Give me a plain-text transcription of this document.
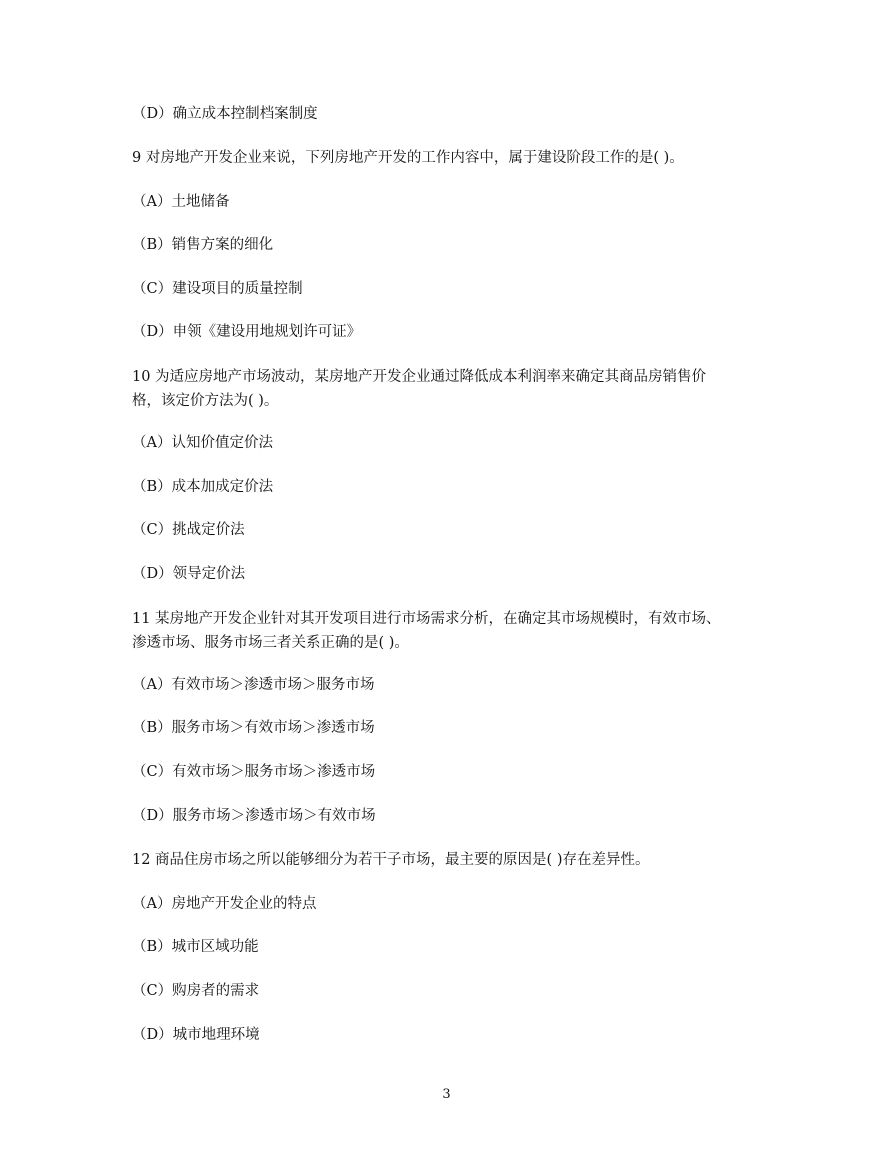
（D）确立成本控制档案制度
9 对房地产开发企业来说，下列房地产开发的工作内容中，属于建设阶段工作的是( )。
（A）土地储备
（B）销售方案的细化
（C）建设项目的质量控制
（D）申领《建设用地规划许可证》
10 为适应房地产市场波动，某房地产开发企业通过降低成本利润率来确定其商品房销售价
格，该定价方法为( )。
（A）认知价值定价法
（B）成本加成定价法
（C）挑战定价法
（D）领导定价法
11 某房地产开发企业针对其开发项目进行市场需求分析，在确定其市场规模时，有效市场、
渗透市场、服务市场三者关系正确的是( )。
（A）有效市场＞渗透市场＞服务市场
（B）服务市场＞有效市场＞渗透市场
（C）有效市场＞服务市场＞渗透市场
（D）服务市场＞渗透市场＞有效市场
12 商品住房市场之所以能够细分为若干子市场，最主要的原因是( )存在差异性。
（A）房地产开发企业的特点
（B）城市区域功能
（C）购房者的需求
（D）城市地理环境
3
